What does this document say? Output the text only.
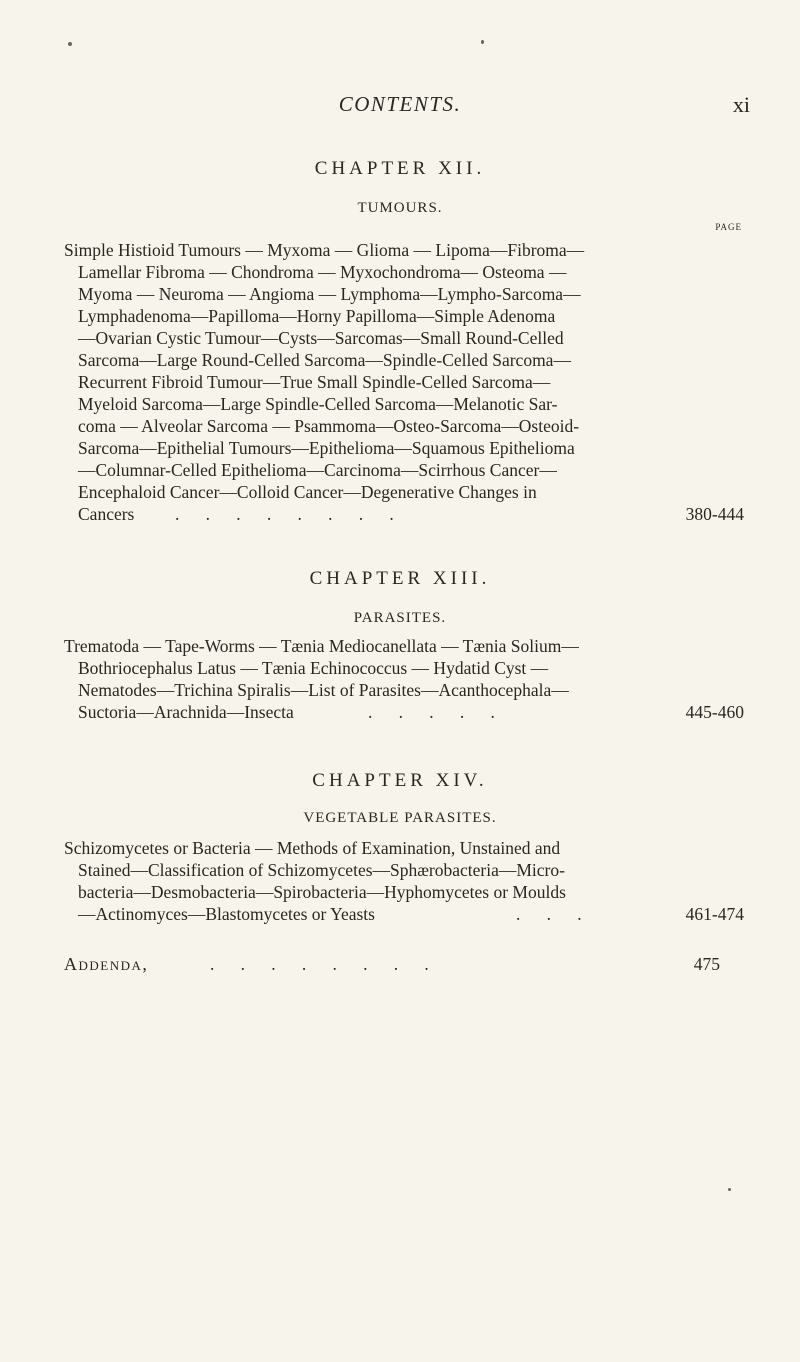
CONTENTS.	xi
CHAPTER XII.
TUMOURS.
PAGE
Simple Histioid Tumours — Myxoma — Glioma — Lipoma—Fibroma—
Lamellar Fibroma — Chondroma — Myxochondroma— Osteoma —
Myoma — Neuroma — Angioma — Lymphoma—Lympho-Sarcoma—
Lymphadenoma—Papilloma—Horny Papilloma—Simple Adenoma
—Ovarian Cystic Tumour—Cysts—Sarcomas—Small Round-Celled
Sarcoma—Large Round-Celled Sarcoma—Spindle-Celled Sarcoma—
Recurrent Fibroid Tumour—True Small Spindle-Celled Sarcoma—
Myeloid Sarcoma—Large Spindle-Celled Sarcoma—Melanotic Sar-
coma — Alveolar Sarcoma — Psammoma—Osteo-Sarcoma—Osteoid-
Sarcoma—Epithelial Tumours—Epithelioma—Squamous Epithelioma
—Columnar-Celled Epithelioma—Carcinoma—Scirrhous Cancer—
Encephaloid Cancer—Colloid Cancer—Degenerative Changes in
Cancers .      .      .      .      .      .      .      .	380-444
CHAPTER XIII.
PARASITES.
Trematoda — Tape-Worms — Tænia Mediocanellata — Tænia Solium—
Bothriocephalus Latus — Tænia Echinococcus — Hydatid Cyst —
Nematodes—Trichina Spiralis—List of Parasites—Acanthocephala—
Suctoria—Arachnida—Insecta	.      .      .      .      .	445-460
CHAPTER XIV.
VEGETABLE PARASITES.
Schizomycetes or Bacteria — Methods of Examination, Unstained and
Stained—Classification of Schizomycetes—Sphærobacteria—Micro-
bacteria—Desmobacteria—Spirobacteria—Hyphomycetes or Moulds
—Actinomyces—Blastomycetes or Yeasts	.      .      .	461-474
Addenda,	.      .      .      .      .      .      .      .	475
